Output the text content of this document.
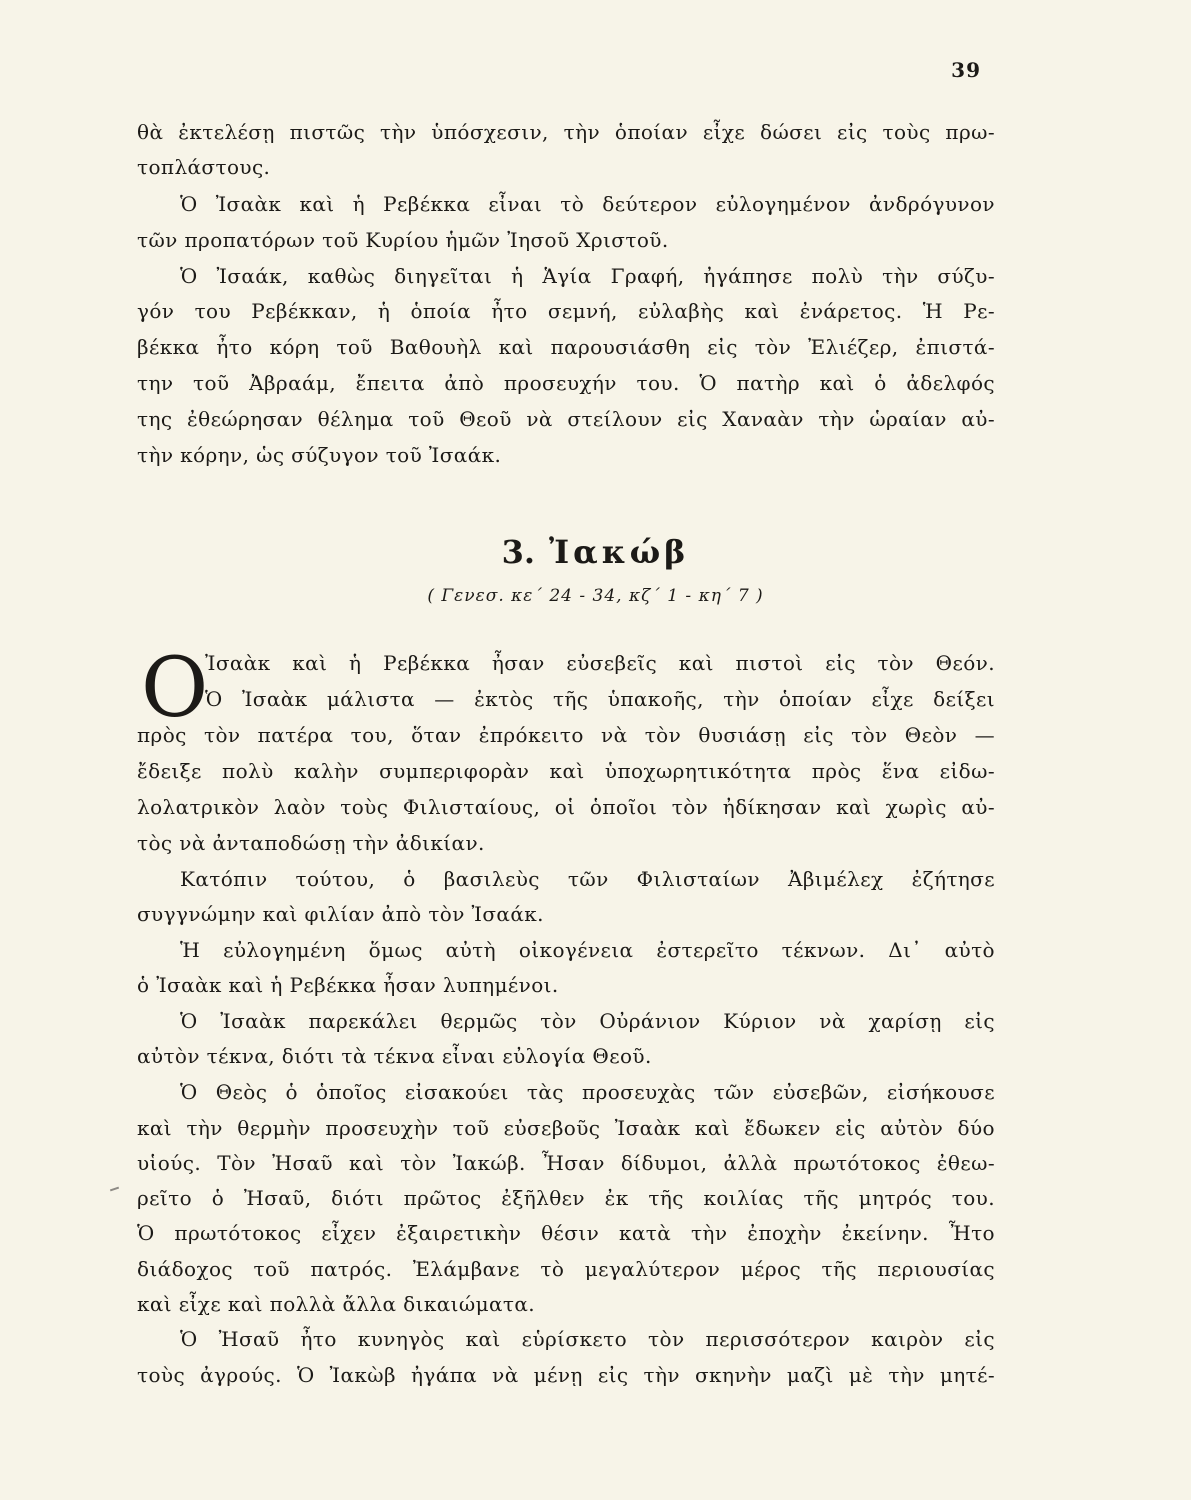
39
θὰ ἐκτελέσῃ πιστῶς τὴν ὑπόσχεσιν, τὴν ὁποίαν εἶχε δώσει εἰς τοὺς πρω-
τοπλάστους.
Ὁ Ἰσαὰκ καὶ ἡ Ρεβέκκα εἶναι τὸ δεύτερον εὐλογημένον ἀνδρόγυνον
τῶν προπατόρων τοῦ Κυρίου ἡμῶν Ἰησοῦ Χριστοῦ.
Ὁ Ἰσαάκ, καθὼς διηγεῖται ἡ Ἁγία Γραφή, ἠγάπησε πολὺ τὴν σύζυ-
γόν του Ρεβέκκαν, ἡ ὁποία ἦτο σεμνή, εὐλαβὴς καὶ ἐνάρετος. Ἡ Ρε-
βέκκα ἦτο κόρη τοῦ Βαθουὴλ καὶ παρουσιάσθη εἰς τὸν Ἐλιέζερ, ἐπιστά-
την τοῦ Ἀβραάμ, ἔπειτα ἀπὸ προσευχήν του. Ὁ πατὴρ καὶ ὁ ἀδελφός
της ἐθεώρησαν θέλημα τοῦ Θεοῦ νὰ στείλουν εἰς Χαναὰν τὴν ὡραίαν αὐ-
τὴν κόρην, ὡς σύζυγον τοῦ Ἰσαάκ.
3. Ἰακώβ
( Γενεσ. κε΄ 24 - 34, κζ΄ 1 - κη΄ 7 )
Ο
Ἰσαὰκ καὶ ἡ Ρεβέκκα ἦσαν εὐσεβεῖς καὶ πιστοὶ εἰς τὸν Θεόν.
Ὁ Ἰσαὰκ μάλιστα — ἐκτὸς τῆς ὑπακοῆς, τὴν ὁποίαν εἶχε δείξει
πρὸς τὸν πατέρα του, ὅταν ἐπρόκειτο νὰ τὸν θυσιάσῃ εἰς τὸν Θεὸν —
ἔδειξε πολὺ καλὴν συμπεριφορὰν καὶ ὑποχωρητικότητα πρὸς ἕνα εἰδω-
λολατρικὸν λαὸν τοὺς Φιλισταίους, οἱ ὁποῖοι τὸν ἠδίκησαν καὶ χωρὶς αὐ-
τὸς νὰ ἀνταποδώσῃ τὴν ἀδικίαν.
Κατόπιν τούτου, ὁ βασιλεὺς τῶν Φιλισταίων Ἀβιμέλεχ ἐζήτησε
συγγνώμην καὶ φιλίαν ἀπὸ τὸν Ἰσαάκ.
Ἡ εὐλογημένη ὅμως αὐτὴ οἰκογένεια ἐστερεῖτο τέκνων. Δι᾿ αὐτὸ
ὁ Ἰσαὰκ καὶ ἡ Ρεβέκκα ἦσαν λυπημένοι.
Ὁ Ἰσαὰκ παρεκάλει θερμῶς τὸν Οὐράνιον Κύριον νὰ χαρίσῃ εἰς
αὐτὸν τέκνα, διότι τὰ τέκνα εἶναι εὐλογία Θεοῦ.
Ὁ Θεὸς ὁ ὁποῖος εἰσακούει τὰς προσευχὰς τῶν εὐσεβῶν, εἰσήκουσε
καὶ τὴν θερμὴν προσευχὴν τοῦ εὐσεβοῦς Ἰσαὰκ καὶ ἔδωκεν εἰς αὐτὸν δύο
υἱούς. Τὸν Ἠσαῦ καὶ τὸν Ἰακώβ. Ἦσαν δίδυμοι, ἀλλὰ πρωτότοκος ἐθεω-
ρεῖτο ὁ Ἠσαῦ, διότι πρῶτος ἐξῆλθεν ἐκ τῆς κοιλίας τῆς μητρός του.
Ὁ πρωτότοκος εἶχεν ἐξαιρετικὴν θέσιν κατὰ τὴν ἐποχὴν ἐκείνην. Ἦτο
διάδοχος τοῦ πατρός. Ἐλάμβανε τὸ μεγαλύτερον μέρος τῆς περιουσίας
καὶ εἶχε καὶ πολλὰ ἄλλα δικαιώματα.
Ὁ Ἠσαῦ ἦτο κυνηγὸς καὶ εὑρίσκετο τὸν περισσότερον καιρὸν εἰς
τοὺς ἀγρούς. Ὁ Ἰακὼβ ἠγάπα νὰ μένῃ εἰς τὴν σκηνὴν μαζὶ μὲ τὴν μητέ-
